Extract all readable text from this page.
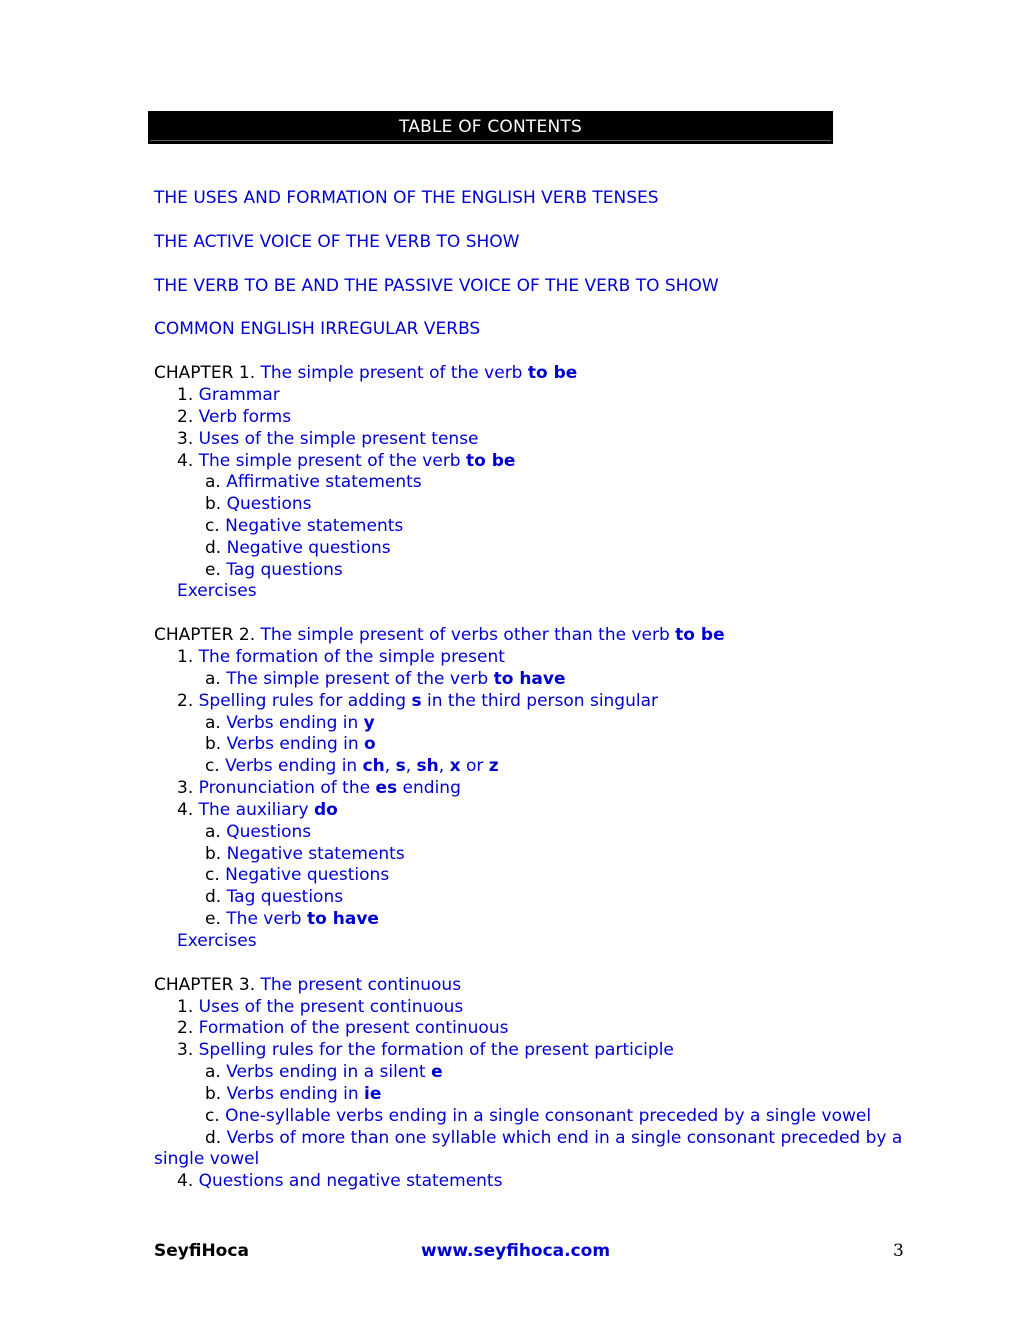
TABLE OF CONTENTS
THE USES AND FORMATION OF THE ENGLISH VERB TENSES
THE ACTIVE VOICE OF THE VERB TO SHOW
THE VERB TO BE AND THE PASSIVE VOICE OF THE VERB TO SHOW
COMMON ENGLISH IRREGULAR VERBS
CHAPTER 1. The simple present of the verb to be
1. Grammar
2. Verb forms
3. Uses of the simple present tense
4. The simple present of the verb to be
a. Affirmative statements
b. Questions
c. Negative statements
d. Negative questions
e. Tag questions
Exercises
CHAPTER 2. The simple present of verbs other than the verb to be
1. The formation of the simple present
a. The simple present of the verb to have
2. Spelling rules for adding s in the third person singular
a. Verbs ending in y
b. Verbs ending in o
c. Verbs ending in ch, s, sh, x or z
3. Pronunciation of the es ending
4. The auxiliary do
a. Questions
b. Negative statements
c. Negative questions
d. Tag questions
e. The verb to have
Exercises
CHAPTER 3. The present continuous
1. Uses of the present continuous
2. Formation of the present continuous
3. Spelling rules for the formation of the present participle
a. Verbs ending in a silent e
b. Verbs ending in ie
c. One-syllable verbs ending in a single consonant preceded by a single vowel
d. Verbs of more than one syllable which end in a single consonant preceded by a
single vowel
4. Questions and negative statements
SeyfiHoca	www.seyfihoca.com	3
